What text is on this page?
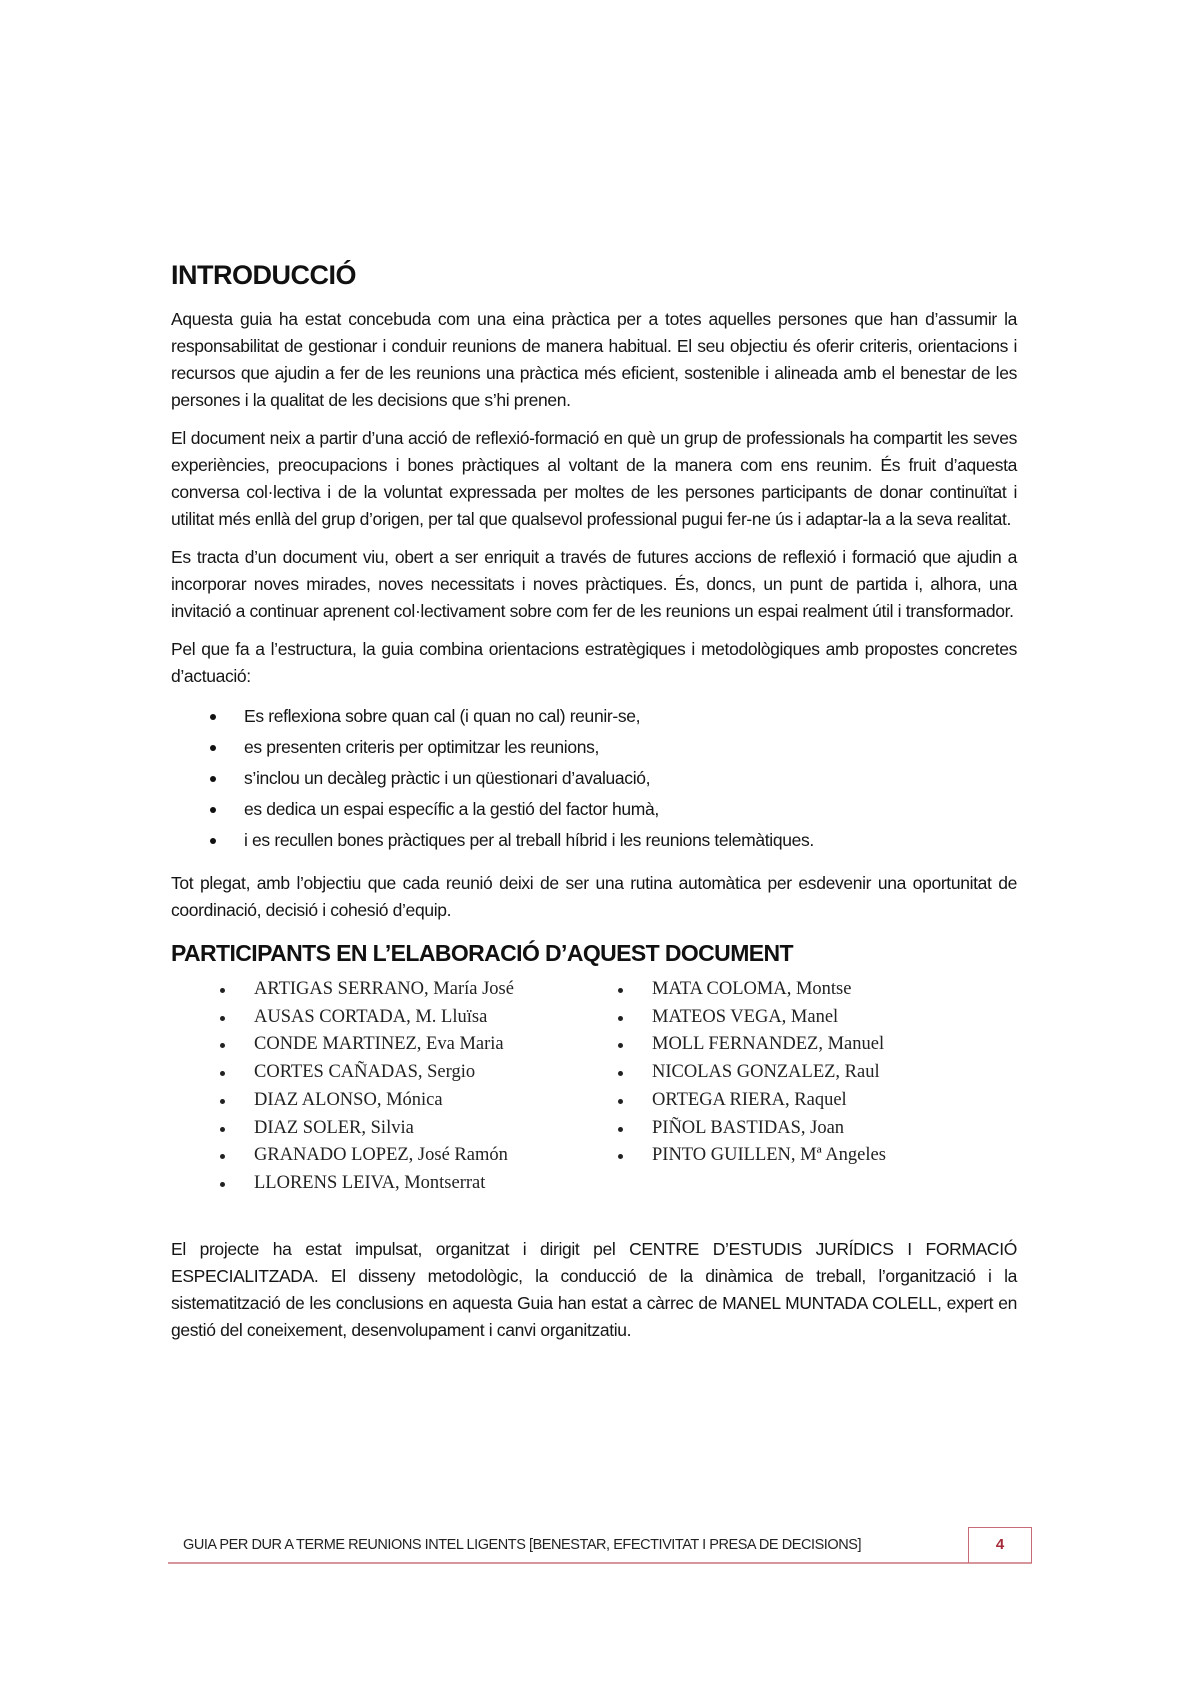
INTRODUCCIÓ

Aquesta guia ha estat concebuda com una eina pràctica per a totes aquelles persones que han d’assumir la responsabilitat de gestionar i conduir reunions de manera habitual. El seu objectiu és oferir criteris, orientacions i recursos que ajudin a fer de les reunions una pràctica més eficient, sostenible i alineada amb el benestar de les persones i la qualitat de les decisions que s’hi prenen.

El document neix a partir d’una acció de reflexió-formació en què un grup de professionals ha compartit les seves experiències, preocupacions i bones pràctiques al voltant de la manera com ens reunim. És fruit d’aquesta conversa col·lectiva i de la voluntat expressada per moltes de les persones participants de donar continuïtat i utilitat més enllà del grup d’origen, per tal que qualsevol professional pugui fer-ne ús i adaptar-la a la seva realitat.

Es tracta d’un document viu, obert a ser enriquit a través de futures accions de reflexió i formació que ajudin a incorporar noves mirades, noves necessitats i noves pràctiques. És, doncs, un punt de partida i, alhora, una invitació a continuar aprenent col·lectivament sobre com fer de les reunions un espai realment útil i transformador.

Pel que fa a l’estructura, la guia combina orientacions estratègiques i metodològiques amb propostes concretes d’actuació:

Es reflexiona sobre quan cal (i quan no cal) reunir-se,
es presenten criteris per optimitzar les reunions,
s’inclou un decàleg pràctic i un qüestionari d’avaluació,
es dedica un espai específic a la gestió del factor humà,
i es recullen bones pràctiques per al treball híbrid i les reunions telemàtiques.

Tot plegat, amb l’objectiu que cada reunió deixi de ser una rutina automàtica per esdevenir una oportunitat de coordinació, decisió i cohesió d’equip.

PARTICIPANTS EN L’ELABORACIÓ D’AQUEST DOCUMENT
ARTIGAS SERRANO, María José
AUSAS CORTADA, M. Lluïsa
CONDE MARTINEZ, Eva Maria
CORTES CAÑADAS, Sergio
DIAZ ALONSO, Mónica
DIAZ SOLER, Silvia
GRANADO LOPEZ, José Ramón
LLORENS LEIVA, Montserrat
MATA COLOMA, Montse
MATEOS VEGA, Manel
MOLL FERNANDEZ, Manuel
NICOLAS GONZALEZ, Raul
ORTEGA RIERA, Raquel
PIÑOL BASTIDAS, Joan
PINTO GUILLEN, Mª Angeles

El projecte ha estat impulsat, organitzat i dirigit pel CENTRE D’ESTUDIS JURÍDICS I FORMACIÓ ESPECIALITZADA. El disseny metodològic, la conducció de la dinàmica de treball, l’organització i la sistematització de les conclusions en aquesta Guia han estat a càrrec de MANEL MUNTADA COLELL, expert en gestió del coneixement, desenvolupament i canvi organitzatiu.

GUIA PER DUR A TERME REUNIONS INTEL LIGENTS [BENESTAR, EFECTIVITAT I PRESA DE DECISIONS]	4
